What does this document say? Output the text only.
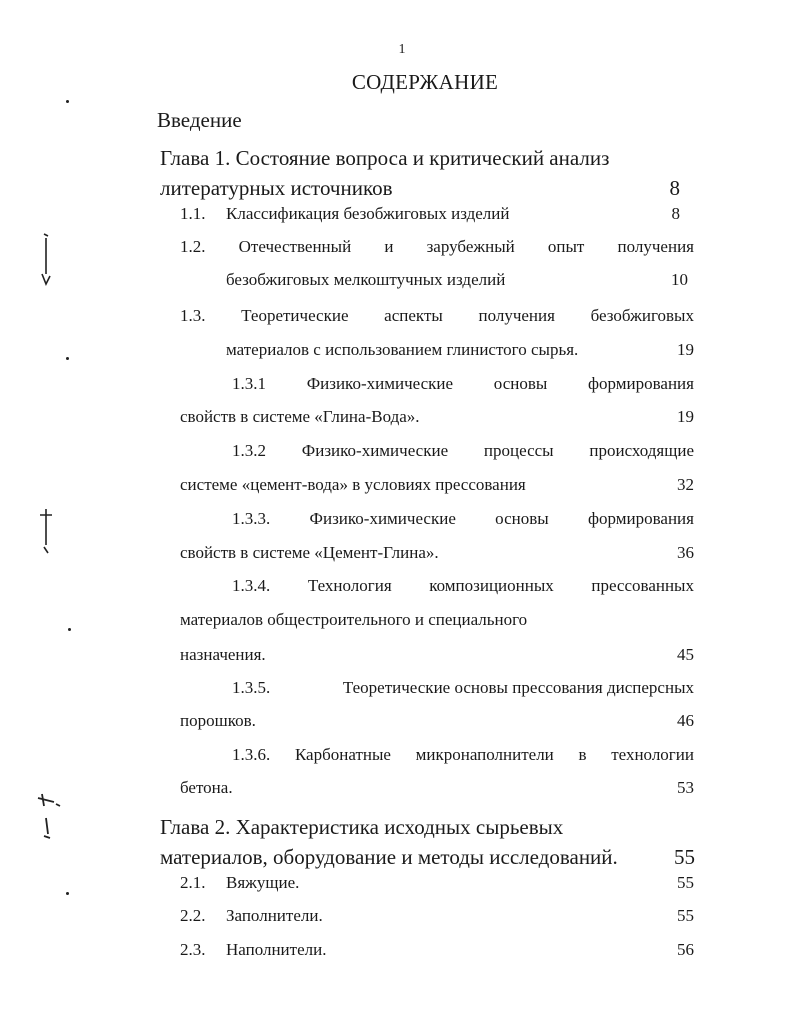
1
СОДЕРЖАНИЕ
Введение
Глава 1. Состояние вопроса и критический анализ
литературных источников	8
1.1. Классификация безобжиговых изделий	8
1.2. Отечественный и зарубежный опыт получения
безобжиговых мелкоштучных изделий	10
1.3. Теоретические аспекты получения безобжиговых
материалов с использованием глинистого сырья.	19
1.3.1 Физико-химические основы формирования
свойств в системе «Глина-Вода».	19
1.3.2 Физико-химические процессы происходящие
системе «цемент-вода» в условиях прессования	32
1.3.3. Физико-химические основы формирования
свойств в системе «Цемент-Глина».	36
1.3.4. Технология композиционных прессованных
материалов общестроительного и специального
назначения.	45
1.3.5.	Теоретические основы прессования дисперсных
порошков.	46
1.3.6. Карбонатные микронаполнители в технологии
бетона.	53
Глава 2. Характеристика исходных сырьевых
материалов, оборудование и методы исследований.	55
2.1. Вяжущие.	55
2.2. Заполнители.	55
2.3. Наполнители.	56
